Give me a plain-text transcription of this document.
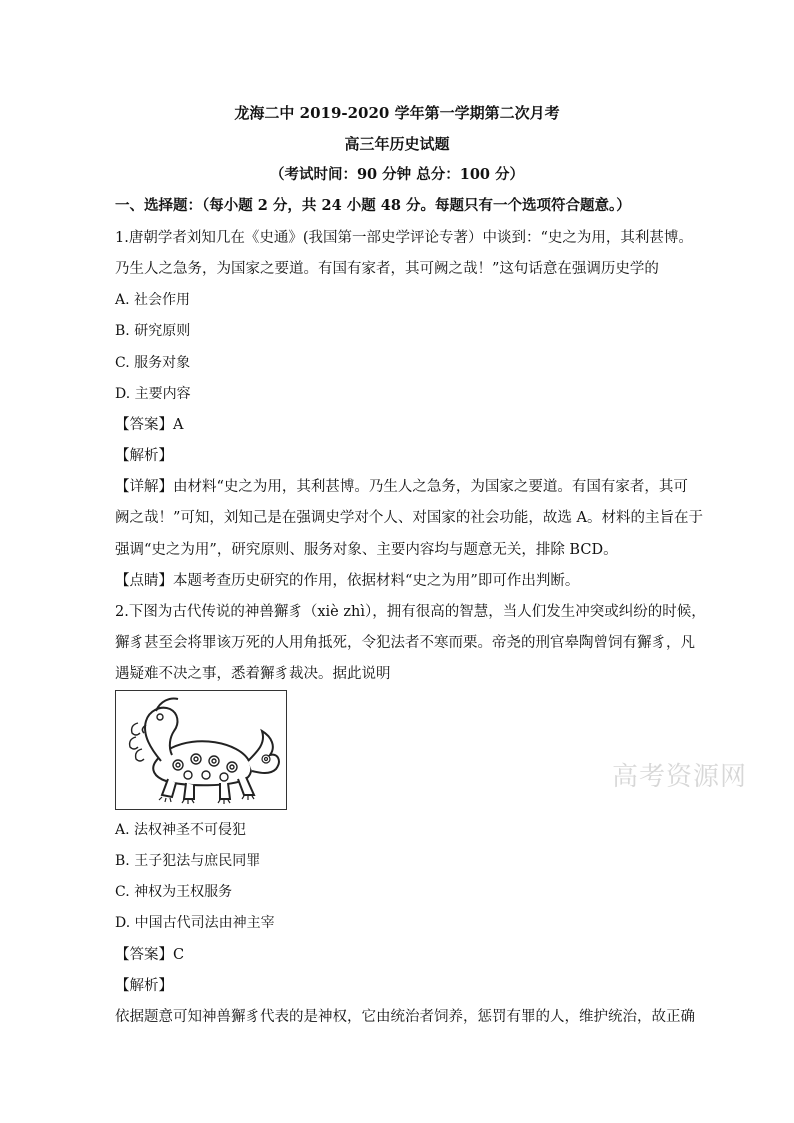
龙海二中 2019-2020 学年第一学期第二次月考
高三年历史试题
（考试时间：90 分钟 总分：100 分）
一、选择题：（每小题 2 分，共 24 小题 48 分。每题只有一个选项符合题意。）
1.唐朝学者刘知几在《史通》(我国第一部史学评论专著）中谈到：“史之为用，其利甚博。
乃生人之急务，为国家之要道。有国有家者，其可阙之哉！”这句话意在强调历史学的
A. 社会作用
B. 研究原则
C. 服务对象
D. 主要内容
【答案】A
【解析】
【详解】由材料“史之为用，其利甚博。乃生人之急务，为国家之要道。有国有家者，其可
阙之哉！”可知，刘知己是在强调史学对个人、对国家的社会功能，故选 A。材料的主旨在于
强调“史之为用”，研究原则、服务对象、主要内容均与题意无关，排除 BCD。
【点睛】本题考查历史研究的作用，依据材料“史之为用”即可作出判断。
2.下图为古代传说的神兽獬豸（xiè zhì），拥有很高的智慧，当人们发生冲突或纠纷的时候，
獬豸甚至会将罪该万死的人用角抵死，令犯法者不寒而栗。帝尧的刑官皋陶曾饲有獬豸，凡
遇疑难不决之事，悉着獬豸裁决。据此说明
高考资源网
A. 法权神圣不可侵犯
B. 王子犯法与庶民同罪
C. 神权为王权服务
D. 中国古代司法由神主宰
【答案】C
【解析】
依据题意可知神兽獬豸代表的是神权，它由统治者饲养，惩罚有罪的人，维护统治，故正确
